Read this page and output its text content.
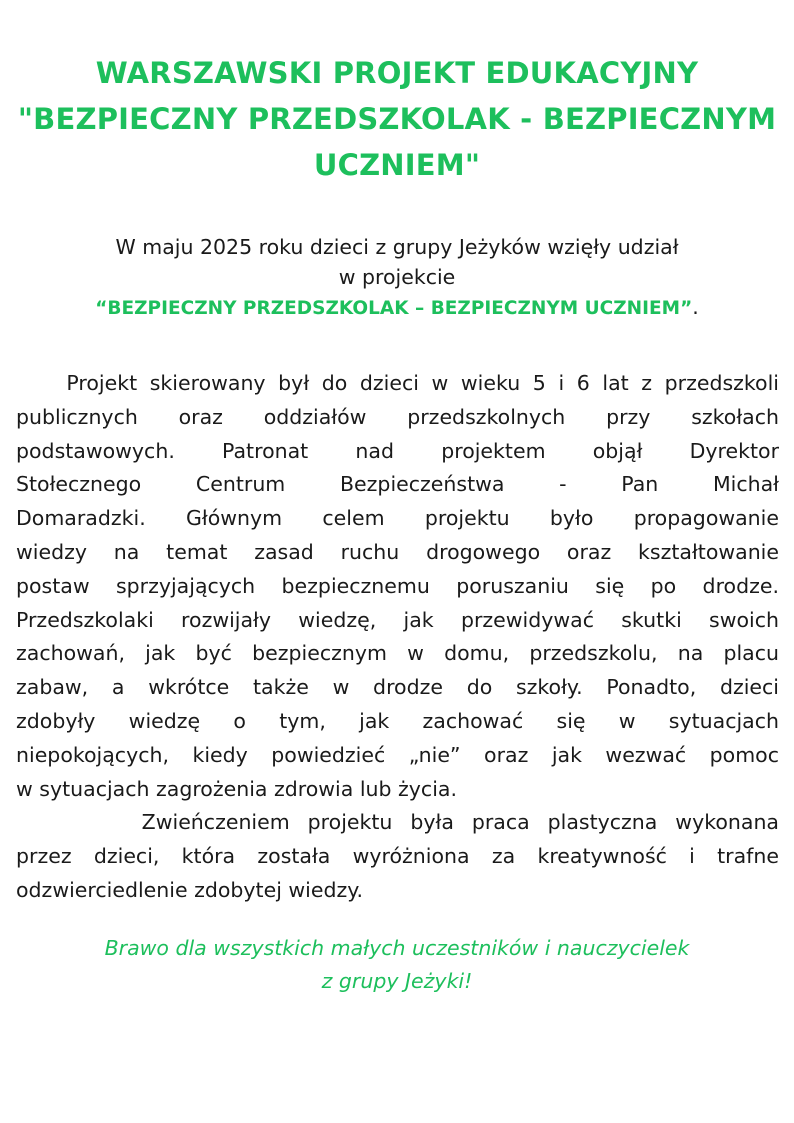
WARSZAWSKI PROJEKT EDUKACYJNY
"BEZPIECZNY PRZEDSZKOLAK - BEZPIECZNYM
UCZNIEM"
W maju 2025 roku dzieci z grupy Jeżyków wzięły udział
w projekcie
“BEZPIECZNY PRZEDSZKOLAK – BEZPIECZNYM UCZNIEM”.
Projekt skierowany był do dzieci w wieku 5 i 6 lat z przedszkoli
publicznych oraz oddziałów przedszkolnych przy szkołach
podstawowych. Patronat nad projektem objął Dyrektor
Stołecznego Centrum Bezpieczeństwa - Pan Michał
Domaradzki. Głównym celem projektu było propagowanie
wiedzy na temat zasad ruchu drogowego oraz kształtowanie
postaw sprzyjających bezpiecznemu poruszaniu się po drodze.
Przedszkolaki rozwijały wiedzę, jak przewidywać skutki swoich
zachowań, jak być bezpiecznym w domu, przedszkolu, na placu
zabaw, a wkrótce także w drodze do szkoły. Ponadto, dzieci
zdobyły wiedzę o tym, jak zachować się w sytuacjach
niepokojących, kiedy powiedzieć „nie” oraz jak wezwać pomoc
w sytuacjach zagrożenia zdrowia lub życia.
Zwieńczeniem projektu była praca plastyczna wykonana
przez dzieci, która została wyróżniona za kreatywność i trafne
odzwierciedlenie zdobytej wiedzy.
Brawo dla wszystkich małych uczestników i nauczycielek
z grupy Jeżyki!
